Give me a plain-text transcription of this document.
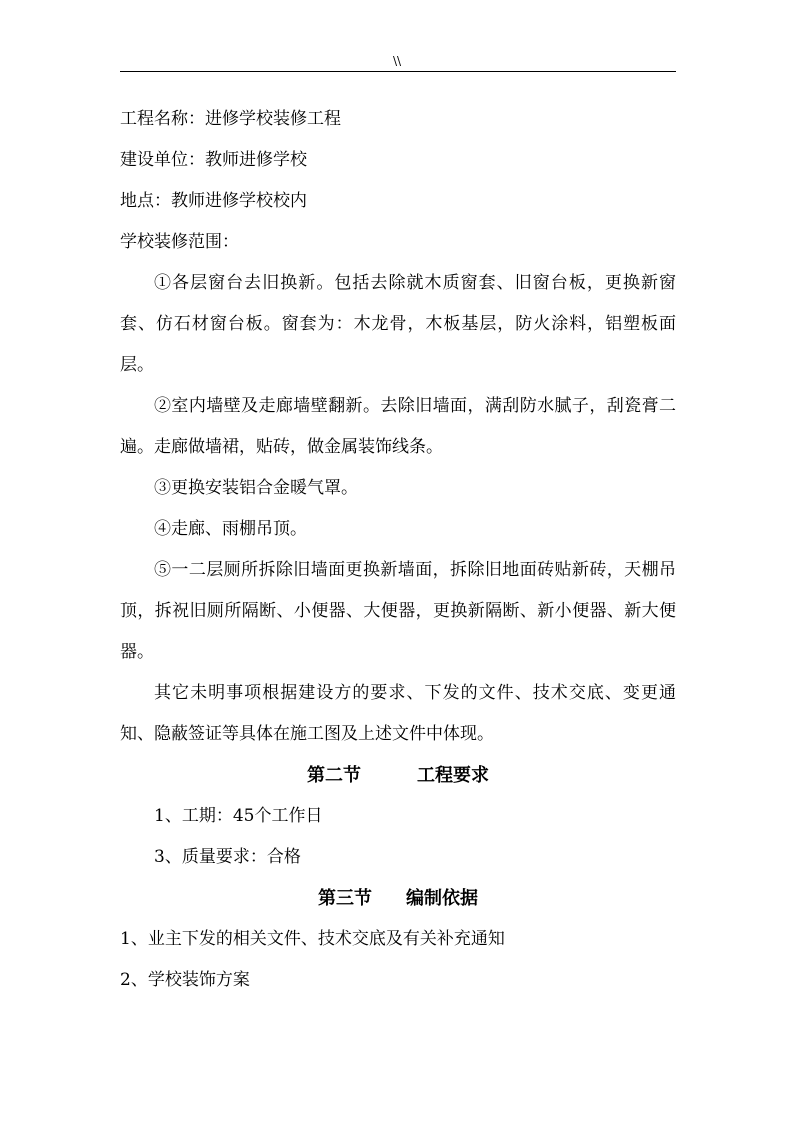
\\

工程名称：进修学校装修工程

建设单位：教师进修学校

地点：教师进修学校校内

学校装修范围：

①各层窗台去旧换新。包括去除就木质窗套、旧窗台板，更换新窗套、仿石材窗台板。窗套为：木龙骨，木板基层，防火涂料，铝塑板面层。

②室内墙壁及走廊墙壁翻新。去除旧墙面，满刮防水腻子，刮瓷膏二遍。走廊做墙裙，贴砖，做金属装饰线条。

③更换安装铝合金暖气罩。

④走廊、雨棚吊顶。

⑤一二层厕所拆除旧墙面更换新墙面，拆除旧地面砖贴新砖，天棚吊顶，拆祝旧厕所隔断、小便器、大便器，更换新隔断、新小便器、新大便器。

其它未明事项根据建设方的要求、下发的文件、技术交底、变更通知、隐蔽签证等具体在施工图及上述文件中体现。

第二节	工程要求

1、工期：45个工作日

3、质量要求：合格

第三节 编制依据

1、业主下发的相关文件、技术交底及有关补充通知

2、学校装饰方案
